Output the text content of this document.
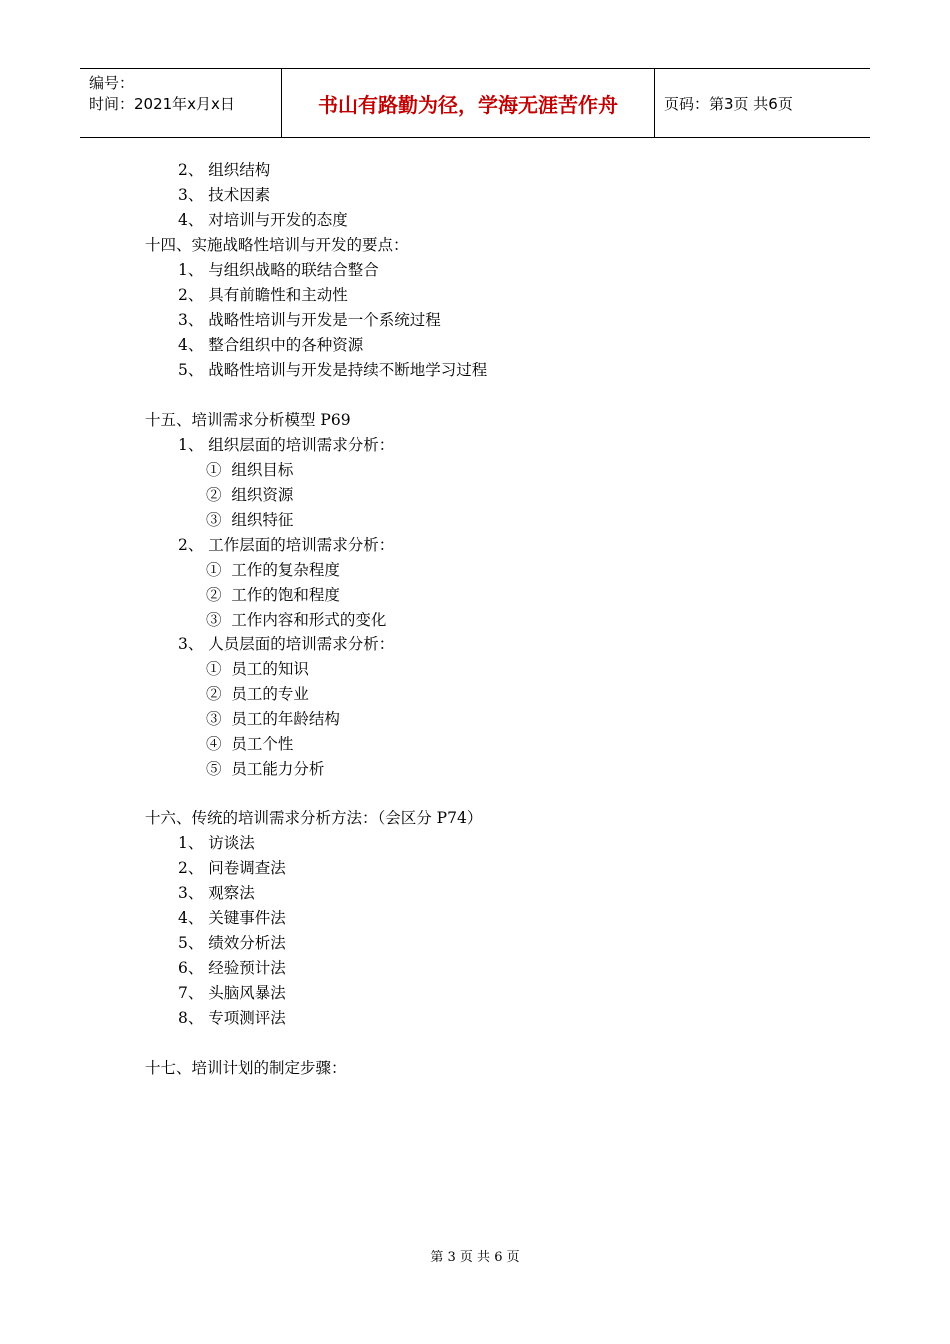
编号：
时间：2021年x月x日	书山有路勤为径，学海无涯苦作舟	页码：第3页 共6页
2、 组织结构
3、 技术因素
4、 对培训与开发的态度
十四、实施战略性培训与开发的要点：
1、 与组织战略的联结合整合
2、 具有前瞻性和主动性
3、 战略性培训与开发是一个系统过程
4、 整合组织中的各种资源
5、 战略性培训与开发是持续不断地学习过程
十五、培训需求分析模型 P69
1、 组织层面的培训需求分析：
①  组织目标
②  组织资源
③  组织特征
2、 工作层面的培训需求分析：
①  工作的复杂程度
②  工作的饱和程度
③  工作内容和形式的变化
3、 人员层面的培训需求分析：
①  员工的知识
②  员工的专业
③  员工的年龄结构
④  员工个性
⑤  员工能力分析
十六、传统的培训需求分析方法：（会区分 P74）
1、 访谈法
2、 问卷调查法
3、 观察法
4、 关键事件法
5、 绩效分析法
6、 经验预计法
7、 头脑风暴法
8、 专项测评法
十七、培训计划的制定步骤：
第 3 页 共 6 页
